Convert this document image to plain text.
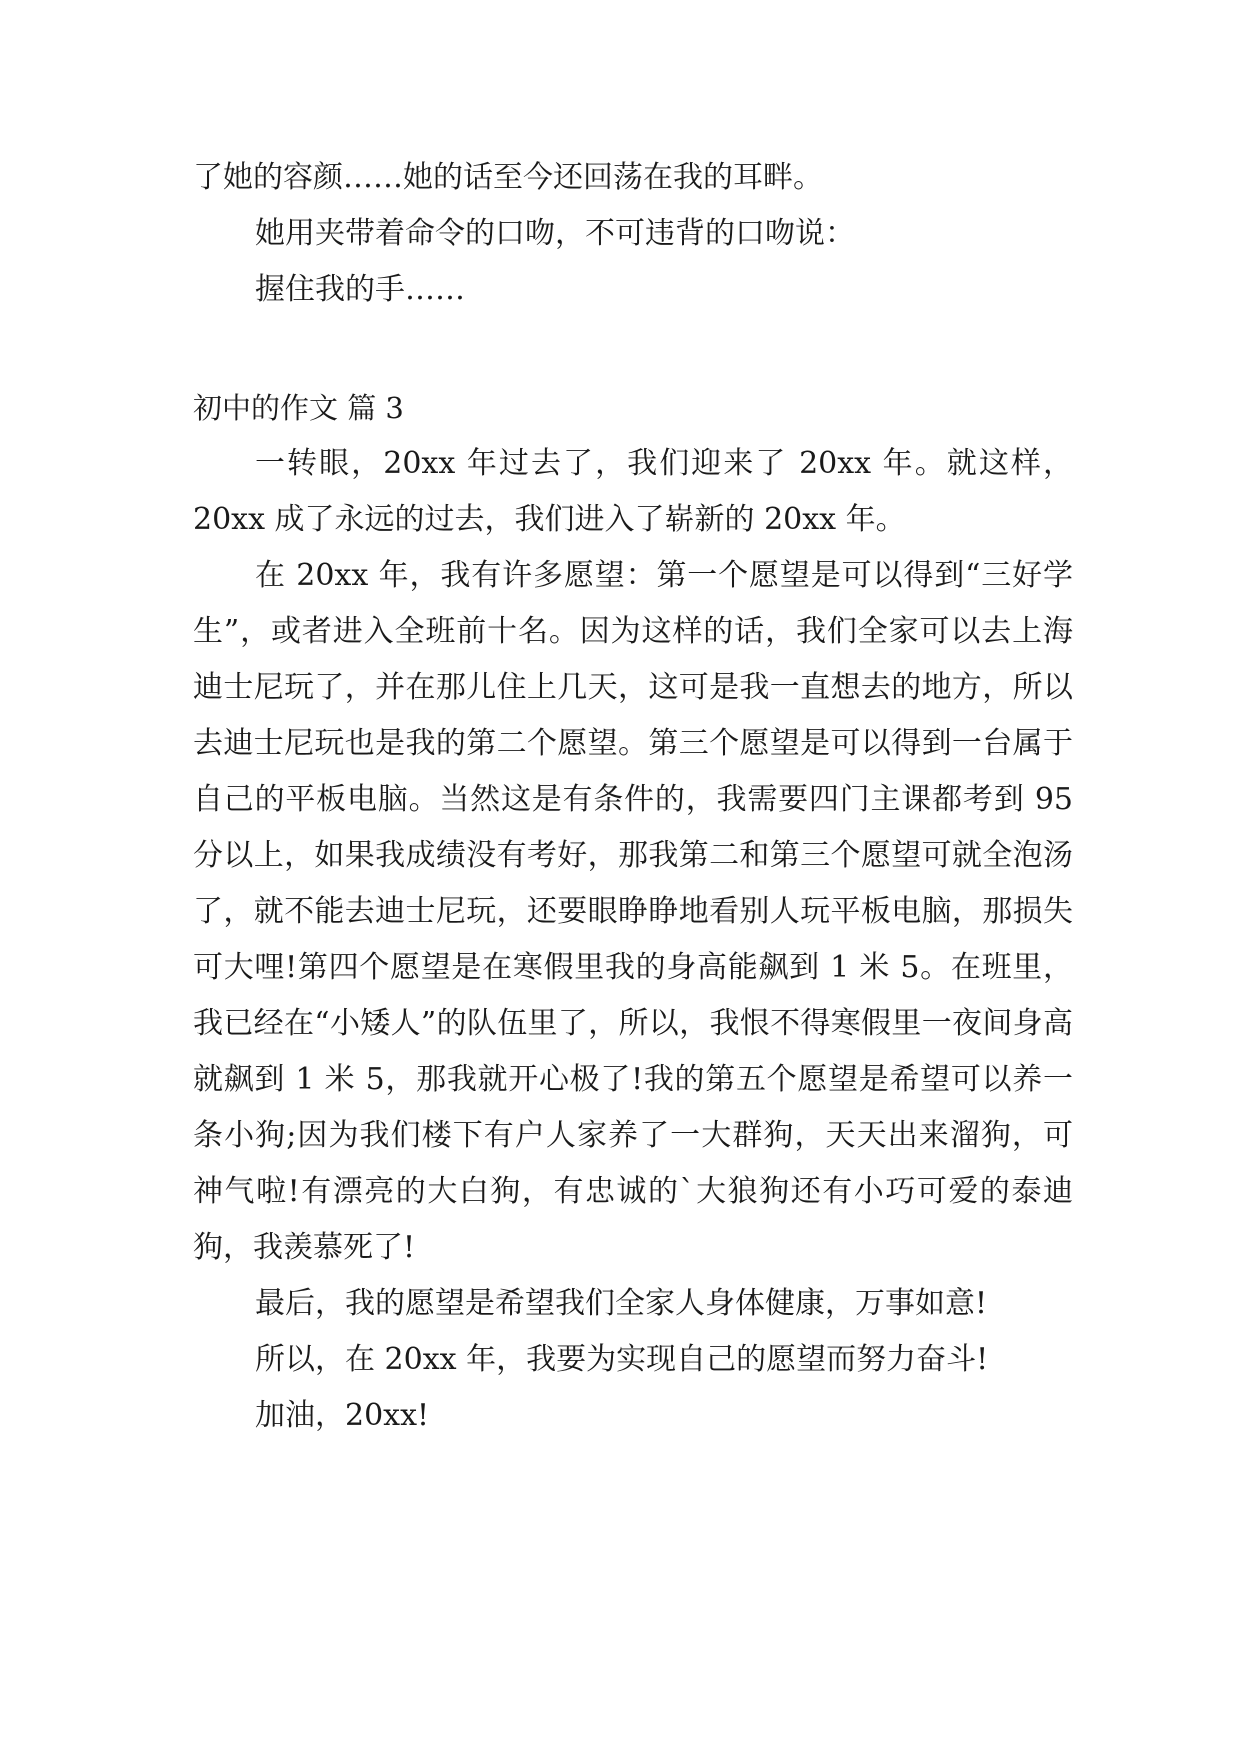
了她的容颜……她的话至今还回荡在我的耳畔。

她用夹带着命令的口吻，不可违背的口吻说：

握住我的手……

初中的作文 篇 3

一转眼，20xx 年过去了，我们迎来了 20xx 年。就这样，20xx 成了永远的过去，我们进入了崭新的 20xx 年。

在 20xx 年，我有许多愿望：第一个愿望是可以得到“三好学生”，或者进入全班前十名。因为这样的话，我们全家可以去上海迪士尼玩了，并在那儿住上几天，这可是我一直想去的地方，所以去迪士尼玩也是我的第二个愿望。第三个愿望是可以得到一台属于自己的平板电脑。当然这是有条件的，我需要四门主课都考到 95 分以上，如果我成绩没有考好，那我第二和第三个愿望可就全泡汤了，就不能去迪士尼玩，还要眼睁睁地看别人玩平板电脑，那损失可大哩!第四个愿望是在寒假里我的身高能飙到 1 米 5。在班里，我已经在“小矮人”的队伍里了，所以，我恨不得寒假里一夜间身高就飙到 1 米 5，那我就开心极了!我的第五个愿望是希望可以养一条小狗;因为我们楼下有户人家养了一大群狗，天天出来溜狗，可神气啦!有漂亮的大白狗，有忠诚的`大狼狗还有小巧可爱的泰迪狗，我羡慕死了!

最后，我的愿望是希望我们全家人身体健康，万事如意!

所以，在 20xx 年，我要为实现自己的愿望而努力奋斗!

加油，20xx!
